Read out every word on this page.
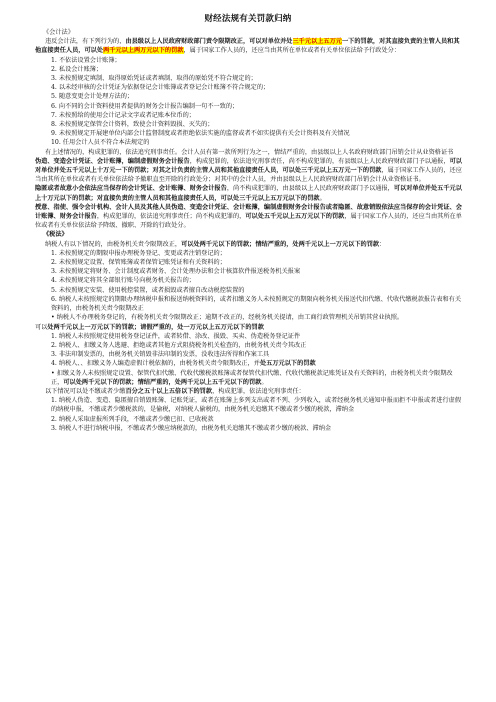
财经法规有关罚款归纳
《会计法》
违反会计法，有下列行为的，由县级以上人民政府财政部门责令限期改正，可以对单位并处三千元以上五万元一下的罚款，对其直接负责的主管人员和其他直接责任人员，可以处两千元以上两万元以下的罚款，属于国家工作人员的，还应当由其所在单位或者有关单位依法给予行政处分：
1. 不依法设置会计账簿；
2. 私设会计账簿；
3. 未按照规定填制、取得原始凭证或者填制、取得的原始凭不符合规定的；
4. 以未经审核的会计凭证为依据登记会计账簿或者登记会计账簿不符合规定的；
5. 随意变更会计处理方法的；
6. 向不同的会计资料使用者提供的财务会计报告编制一句不一致的；
7. 未按照给的使用会计记录文字或者记账本位币的；
8. 未按照规定保管会计资料，致使会计资料毁损、灭失的；
9. 未按照规定开展建单位内部会计监督制度或者拒绝依法实施的监督或者不如实提供有关会计资料及有关情况
10. 任用会计人员不符合本法规定的
有上述情况的，构成犯罪的，依法追究刑事责任。会计人员有第一款所列行为之一，情结严重的，由县级以上人名政府财政部门吊销会计从业资格证书
伪造、变造会计凭证、会计账簿，编制虚假财务会计报告，构成犯罪的，依法追究刑事责任，尚不构成犯罪的，有县级以上人民政府财政部门予以通报，可以对单位并处五千元以上十万元一下的罚款；对其之计负责的主管人员和其他直接责任人员，可以处三千元以上五万元一下的罚款，属于国家工作人员的，还应当由其所在单位或者有关单位依法给予撤职直至开除的行政处分；对其中的会计人员，并由县级以上人民政府财政部门吊销会计从业资格证书。
隐匿或者故意小会依法应当保存的会计凭证、会计账簿、财务会计报告，尚不构成犯罪的，由县级以上人民政府财政部门予以通报，可以对单位并处五千元以上十万元以下的罚款；对直接负责的主管人员和其他直接责任人员，可以处三千元以上五万元以下的罚款。
授意、指使、强令会计机构、会计人员及其他人员伪造、变造会计凭证、会计账簿，编制虚假财务会计报告或者隐匿、故意销毁依法应当保存的会计凭证、会计账簿、财务会计报告，构成犯罪的，依法追究刑事责任；尚不构成犯罪的，可以处五千元以上五万元以下的罚款，属于国家工作人员的，还应当由其所在单位或者有关单位依法给予降级、撤职、开除的行政处分。
《税法》
纳税人有以下情况的，由税务机关责令限期改正，可以处两千元以下的罚款；情结严重的，处两千元以上一万元以下的罚款：
1. 未按照规定的期限申报办理税务登记、变更或者注销登记的；
2. 未按照规定设置、保管账簿或者保管记账凭证和有关资料的；
3. 未按照规定将财务、会计制度或者财务、会计处理办法和会计核算软件报送税务机关报案
4. 未按照规定将其全部银行账号向税务机关报告的；
5. 未按照规定安装、使用税控装置，或者损毁或者擅自改动税控装置的
6. 纳税人未按照规定的期限办理纳税申报和报送纳税资料的，或者扣缴义务人未按照规定的期限向税务机关报送代扣代缴、代收代缴税款报告表和有关资料的，由税务机关责令限期改正
• 纳税人不办理税务登记的，有税务机关责令限期改正；逾期不改正的，经税务机关提请，由工商行政管理机关吊销其营业执照。
可以处两千元以上一万元以下的罚款；请假严重的，处一万元以上五万元以下的罚款
1. 纳税人未按照规定使用税务登记证件，或者转借、涂改、损毁、买卖、伪造税务登记证件
2. 纳税人、扣缴义务人逃避、拒绝或者其他方式阻挠税务机关检查的，由税务机关责令其改正
3. 非法印制发票的，由税务机关销毁非法印制的发票，没收违法所得和作案工具
4. 纳税人、、扣缴义务人编造虚假计税依据的，由税务机关责令限期改正，并处五万元以下的罚款
• 扣缴义务人未按照规定设置、保管代扣代缴、代收代缴税款账簿或者保管代扣代缴、代收代缴税款记账凭证及有关资料的，由税务机关责令限期改正，可以处两千元以下的罚款；情结严重的，处两千元以上五千元以下的罚款。
以下情况可以处不缴或者少缴百分之五十以上五倍以下的罚款，构成犯罪，依法追究刑事责任：
1. 纳税人伪造、变造、隐匿擅自销毁账簿、记账凭证，或者在账簿上多列支出或者不列、少列收入，或者经税务机关通知申报而拒不申报或者进行虚假的纳税申报，不缴或者少缴税款的，是偷税，对纳税人偷税的，由税务机关追缴其不缴或者少缴的税款，滞纳金
2. 纳税人采取虚报所列手段，不缴或者少缴已扣、已收税款
3. 纳税人不进行纳税申报，不缴或者少缴应纳税款的，由税务机关追缴其不缴或者少缴的税款、滞纳金
